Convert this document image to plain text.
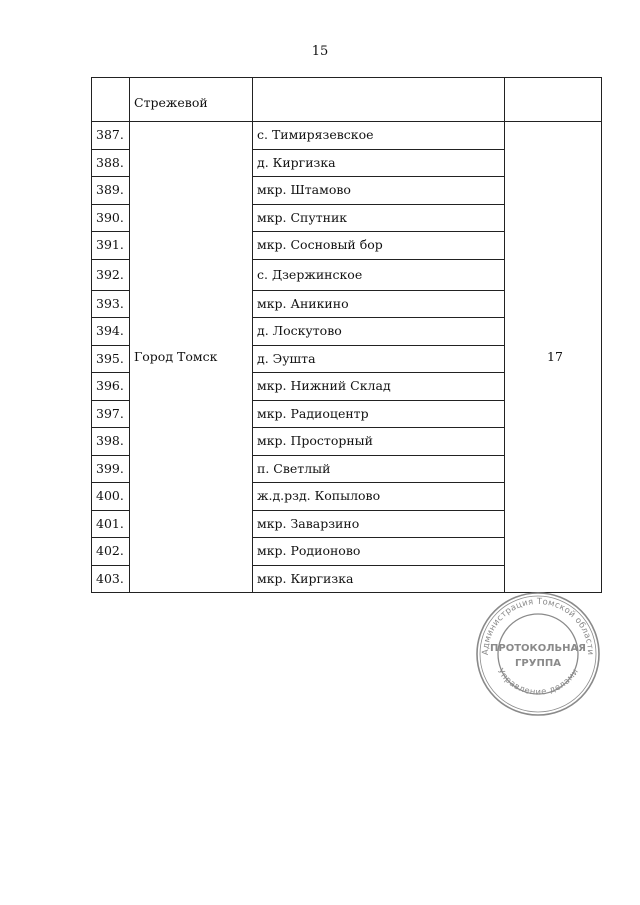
15
	Стрежевой		
387.	Город Томск	с. Тимирязевское	17
388.		д. Киргизка	
389.		мкр. Штамово	
390.		мкр. Спутник	
391.		мкр. Сосновый бор	
392.		с. Дзержинское	
393.		мкр. Аникино	
394.		д. Лоскутово	
395.		д. Эушта	
396.		мкр. Нижний Склад	
397.		мкр. Радиоцентр	
398.		мкр. Просторный	
399.		п. Светлый	
400.		ж.д.рзд. Копылово	
401.		мкр. Заварзино	
402.		мкр. Родионово	
403.		мкр. Киргизка	
Администрация Томской области
Управление делами
ПРОТОКОЛЬНАЯ
ГРУППА
